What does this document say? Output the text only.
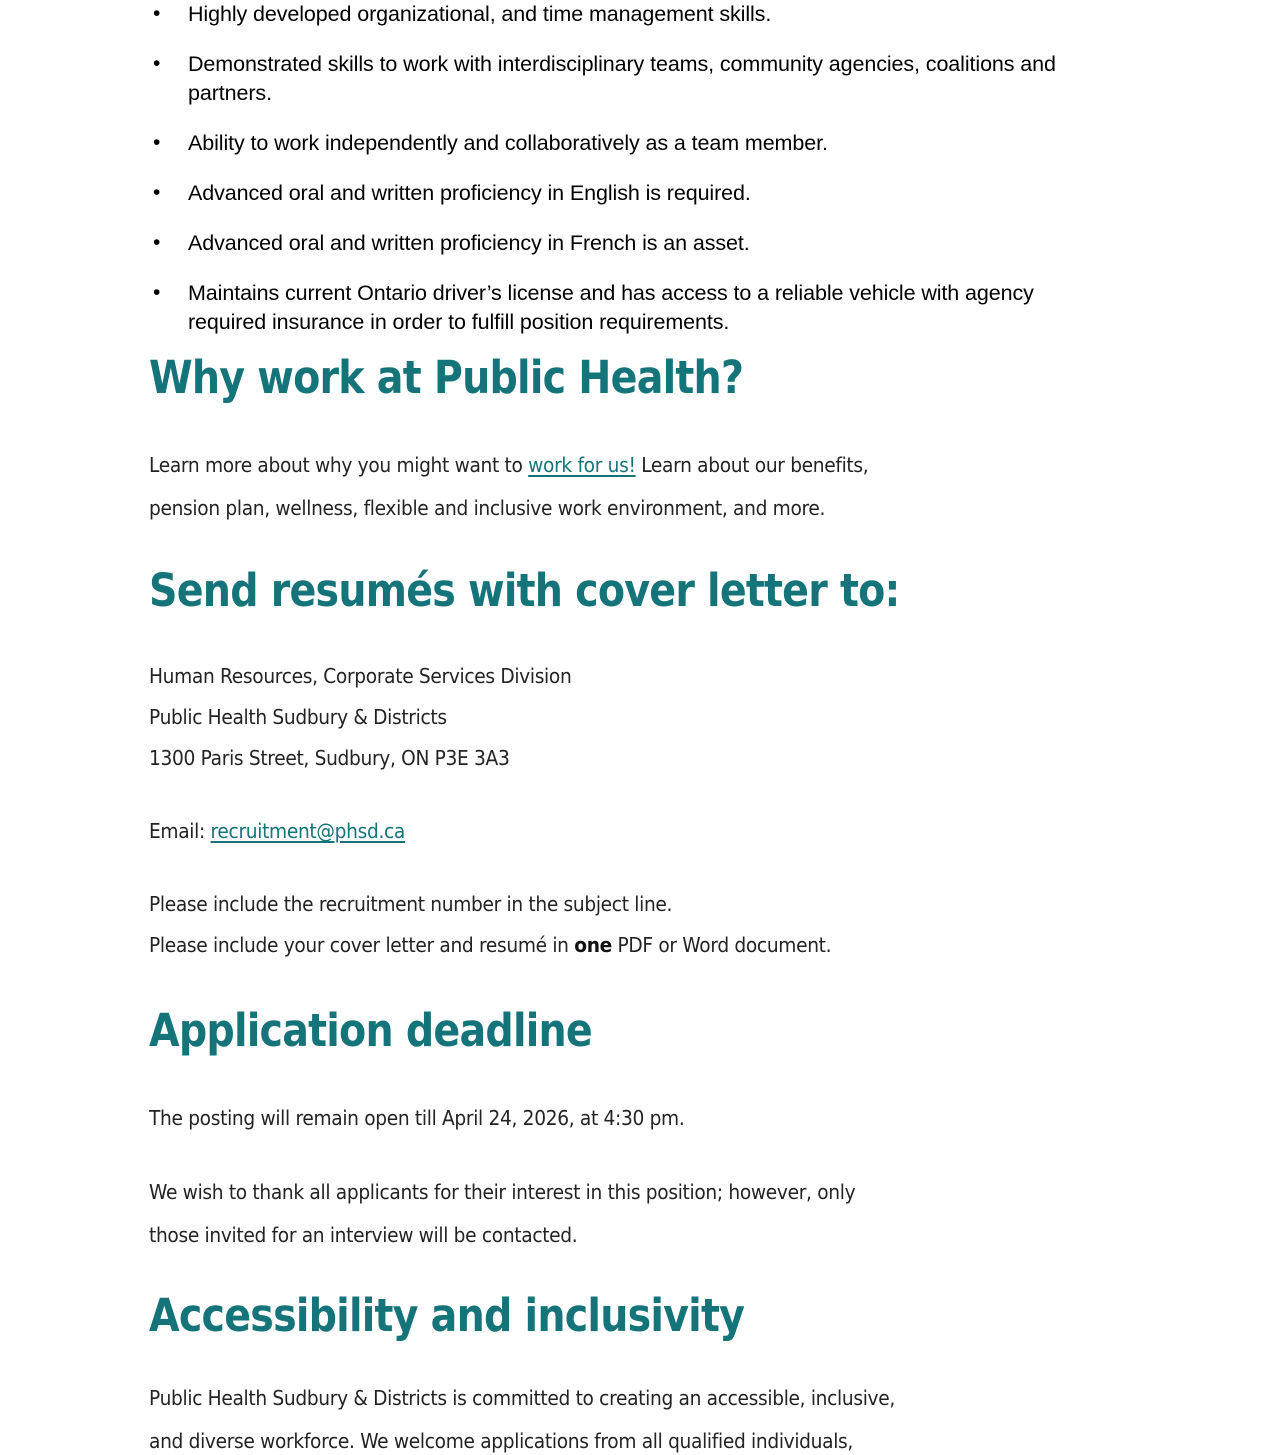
• Highly developed organizational, and time management skills.
• Demonstrated skills to work with interdisciplinary teams, community agencies, coalitions and partners.
• Ability to work independently and collaboratively as a team member.
• Advanced oral and written proficiency in English is required.
• Advanced oral and written proficiency in French is an asset.
• Maintains current Ontario driver’s license and has access to a reliable vehicle with agency required insurance in order to fulfill position requirements.
Why work at Public Health?
Learn more about why you might want to work for us! Learn about our benefits,
pension plan, wellness, flexible and inclusive work environment, and more.
Send resumés with cover letter to:
Human Resources, Corporate Services Division
Public Health Sudbury & Districts
1300 Paris Street, Sudbury, ON P3E 3A3
Email: recruitment@phsd.ca
Please include the recruitment number in the subject line.
Please include your cover letter and resumé in one PDF or Word document.
Application deadline
The posting will remain open till April 24, 2026, at 4:30 pm.
We wish to thank all applicants for their interest in this position; however, only
those invited for an interview will be contacted.
Accessibility and inclusivity
Public Health Sudbury & Districts is committed to creating an accessible, inclusive,
and diverse workforce. We welcome applications from all qualified individuals,
